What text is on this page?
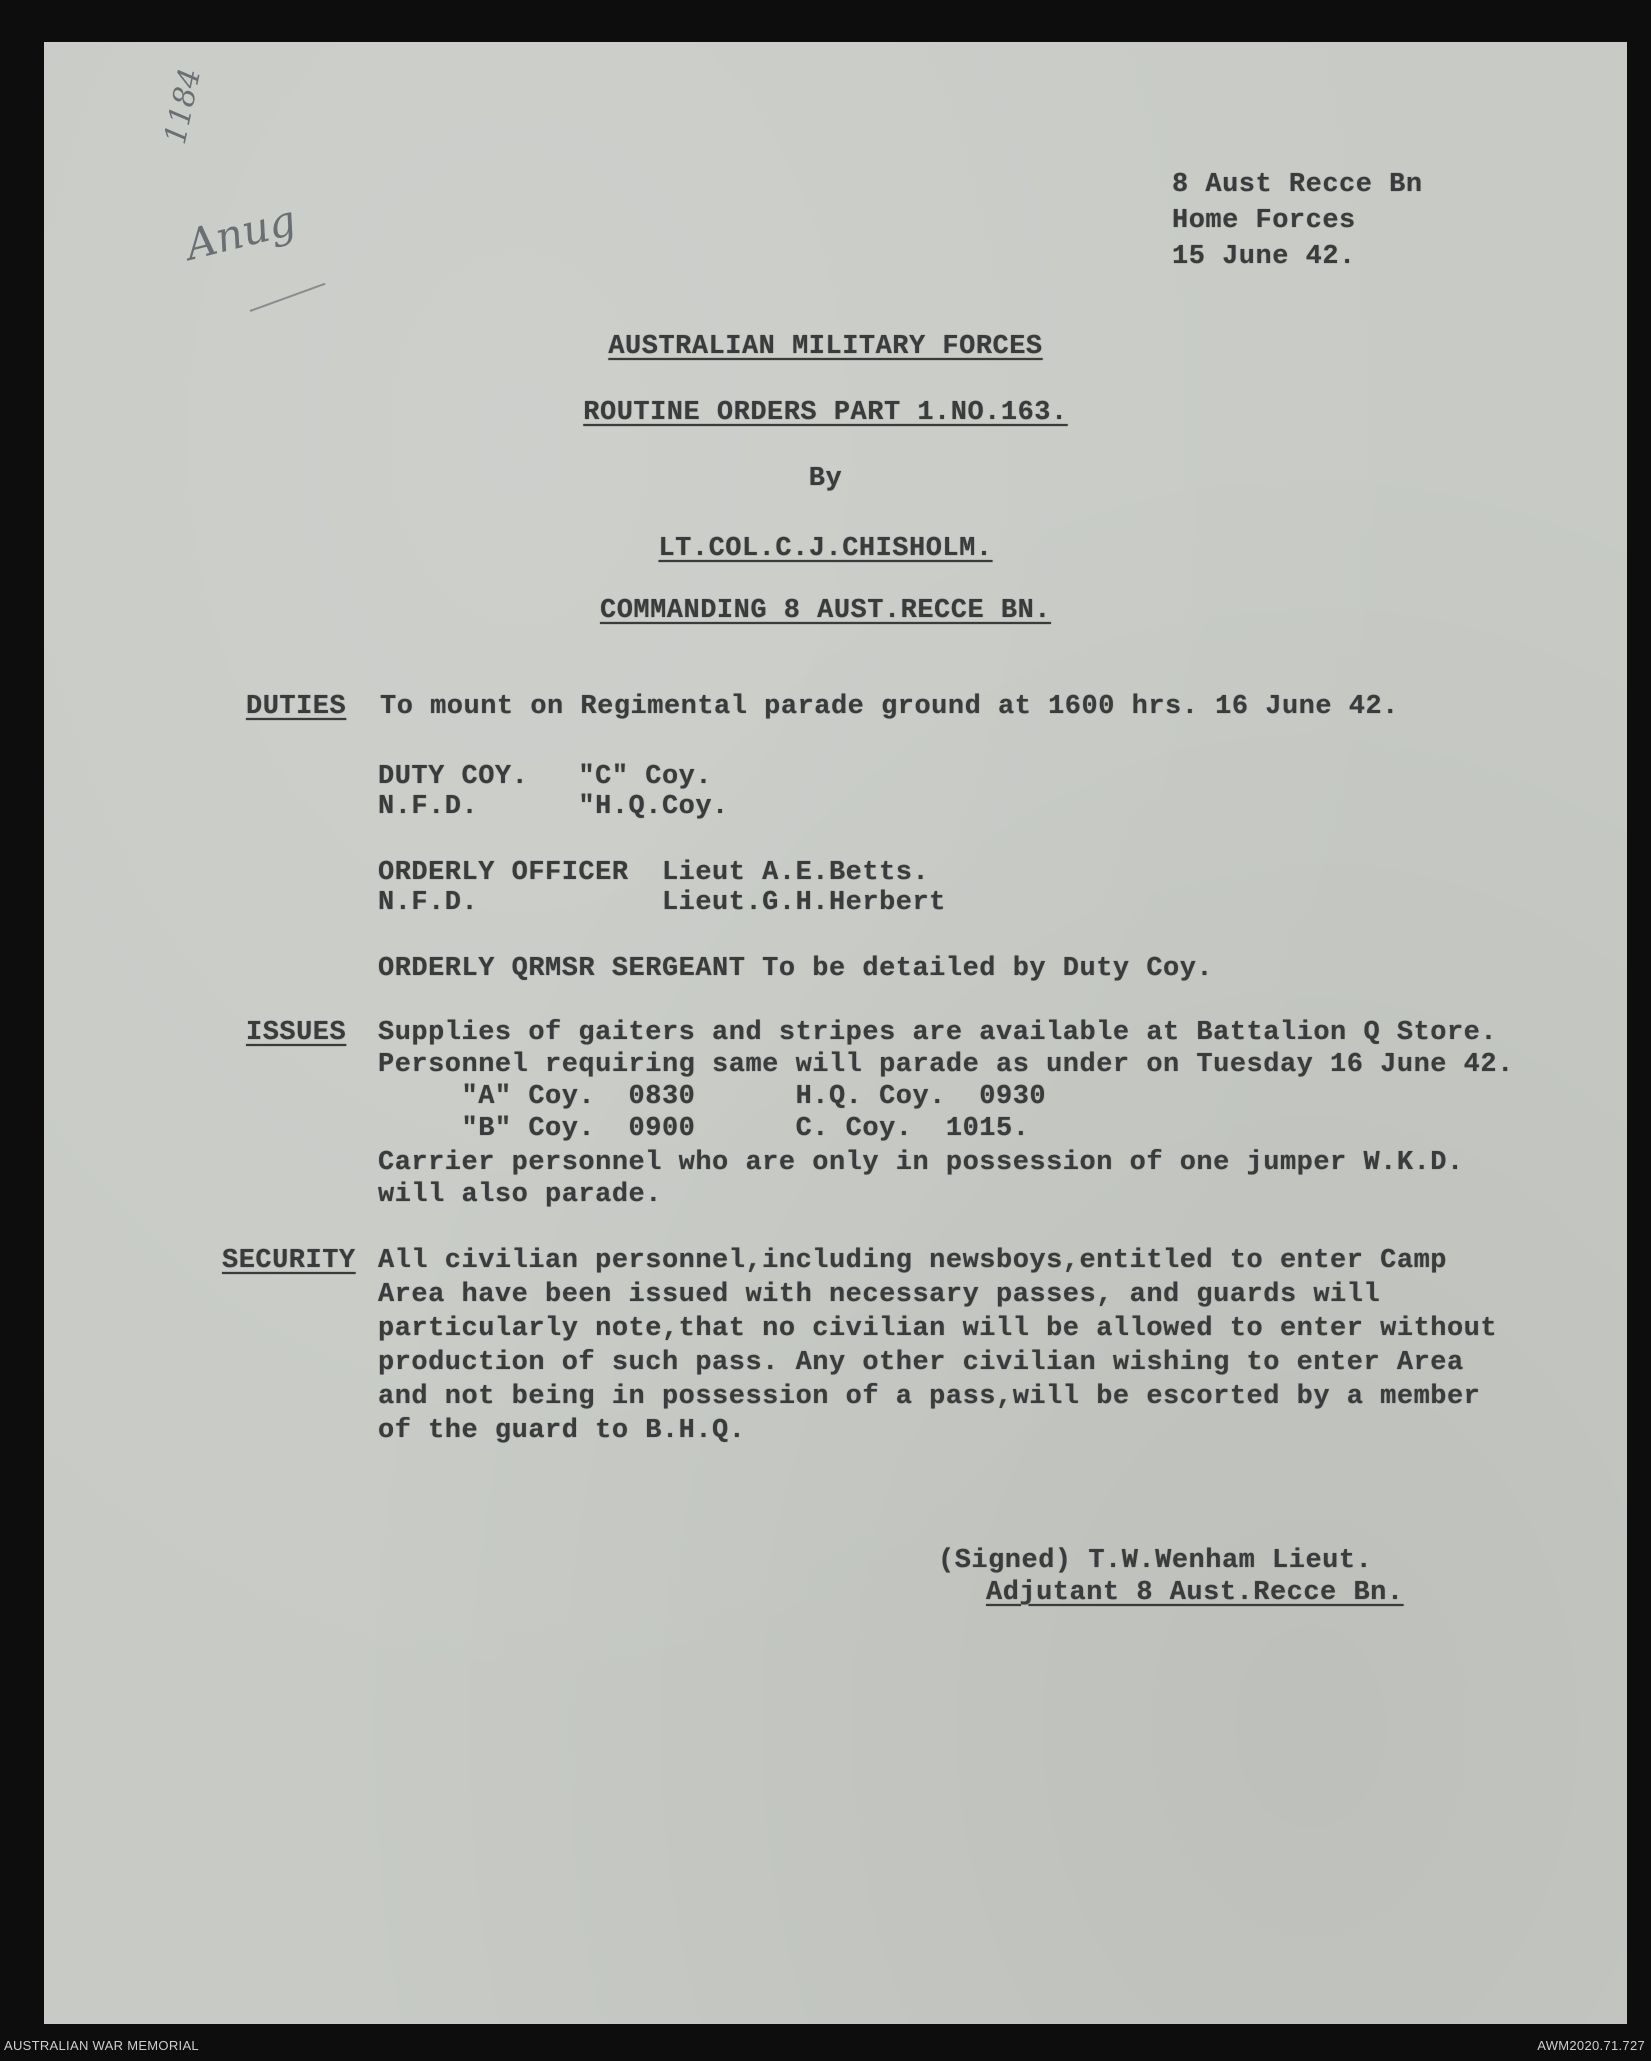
1184
Anug
8 Aust Recce Bn
Home Forces
15 June 42.
AUSTRALIAN MILITARY FORCES
ROUTINE ORDERS PART 1.NO.163.
By
LT.COL.C.J.CHISHOLM.
COMMANDING 8 AUST.RECCE BN.
DUTIES To mount on Regimental parade ground at 1600 hrs. 16 June 42.
DUTY COY.   "C" Coy.
N.F.D.      "H.Q.Coy.
ORDERLY OFFICER  Lieut A.E.Betts.
N.F.D.           Lieut.G.H.Herbert
ORDERLY QRMSR SERGEANT To be detailed by Duty Coy.
ISSUES Supplies of gaiters and stripes are available at Battalion Q Store.
Personnel requiring same will parade as under on Tuesday 16 June 42.
"A" Coy.  0830      H.Q. Coy.  0930
"B" Coy.  0900      C. Coy.  1015.
Carrier personnel who are only in possession of one jumper W.K.D.
will also parade.
SECURITY All civilian personnel,including newsboys,entitled to enter Camp
Area have been issued with necessary passes, and guards will
particularly note,that no civilian will be allowed to enter without
production of such pass. Any other civilian wishing to enter Area
and not being in possession of a pass,will be escorted by a member
of the guard to B.H.Q.
(Signed) T.W.Wenham Lieut.
Adjutant 8 Aust.Recce Bn.
AUSTRALIAN WAR MEMORIAL	AWM2020.71.727
